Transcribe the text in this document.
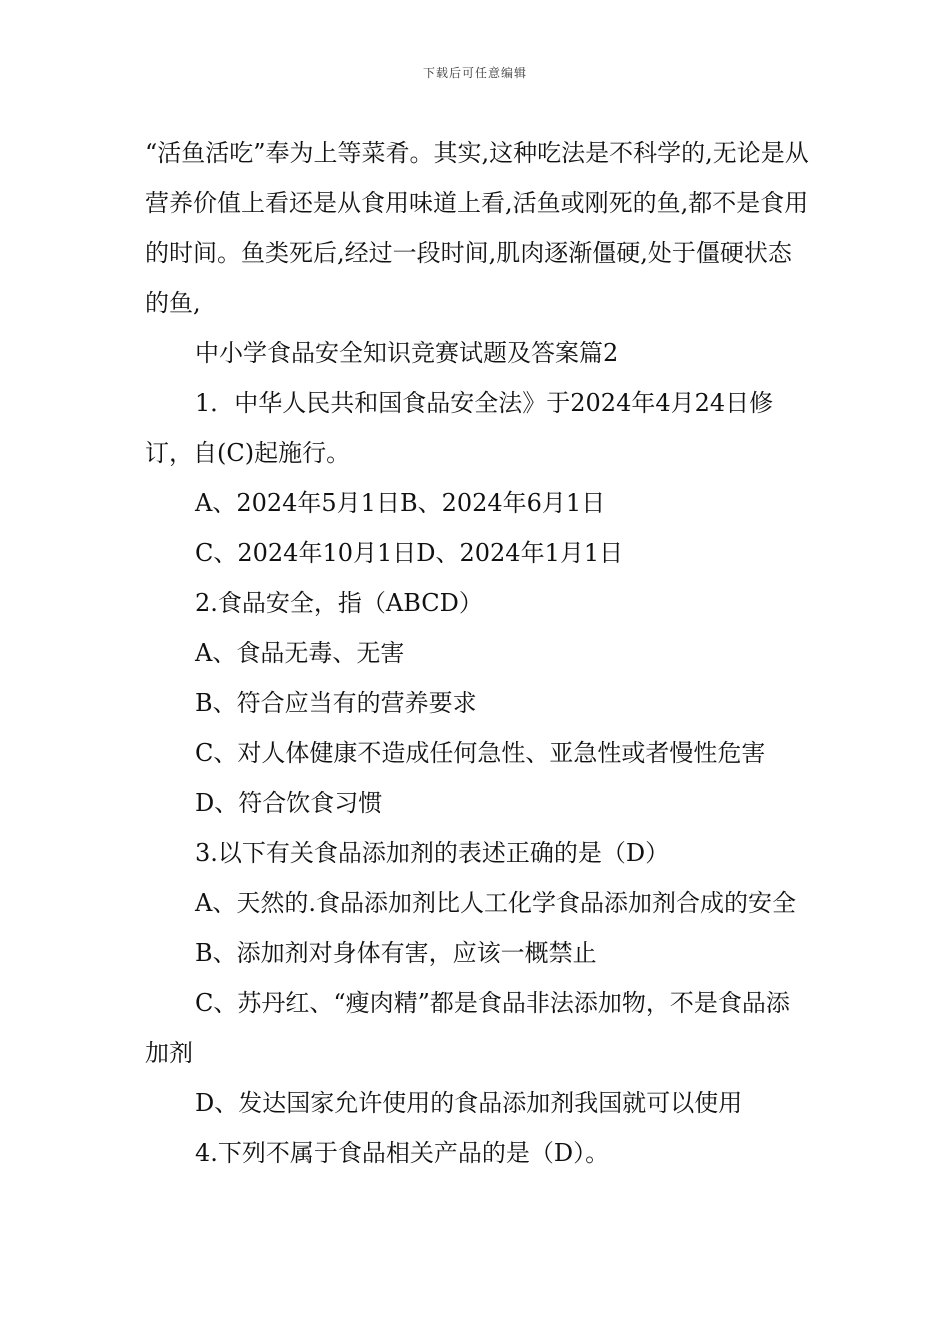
下载后可任意编辑

“活鱼活吃”奉为上等菜肴。其实,这种吃法是不科学的,无论是从营养价值上看还是从食用味道上看,活鱼或刚死的鱼,都不是食用的时间。鱼类死后,经过一段时间,肌肉逐渐僵硬,处于僵硬状态的鱼,

中小学食品安全知识竞赛试题及答案篇2

1．中华人民共和国食品安全法》于2024年4月24日修订，自(C)起施行。

A、2024年5月1日B、2024年6月1日

C、2024年10月1日D、2024年1月1日

2.食品安全，指（ABCD）

A、食品无毒、无害

B、符合应当有的营养要求

C、对人体健康不造成任何急性、亚急性或者慢性危害

D、符合饮食习惯

3.以下有关食品添加剂的表述正确的是（D）

A、天然的.食品添加剂比人工化学食品添加剂合成的安全

B、添加剂对身体有害，应该一概禁止

C、苏丹红、“瘦肉精”都是食品非法添加物，不是食品添加剂

D、发达国家允许使用的食品添加剂我国就可以使用

4.下列不属于食品相关产品的是（D）。
